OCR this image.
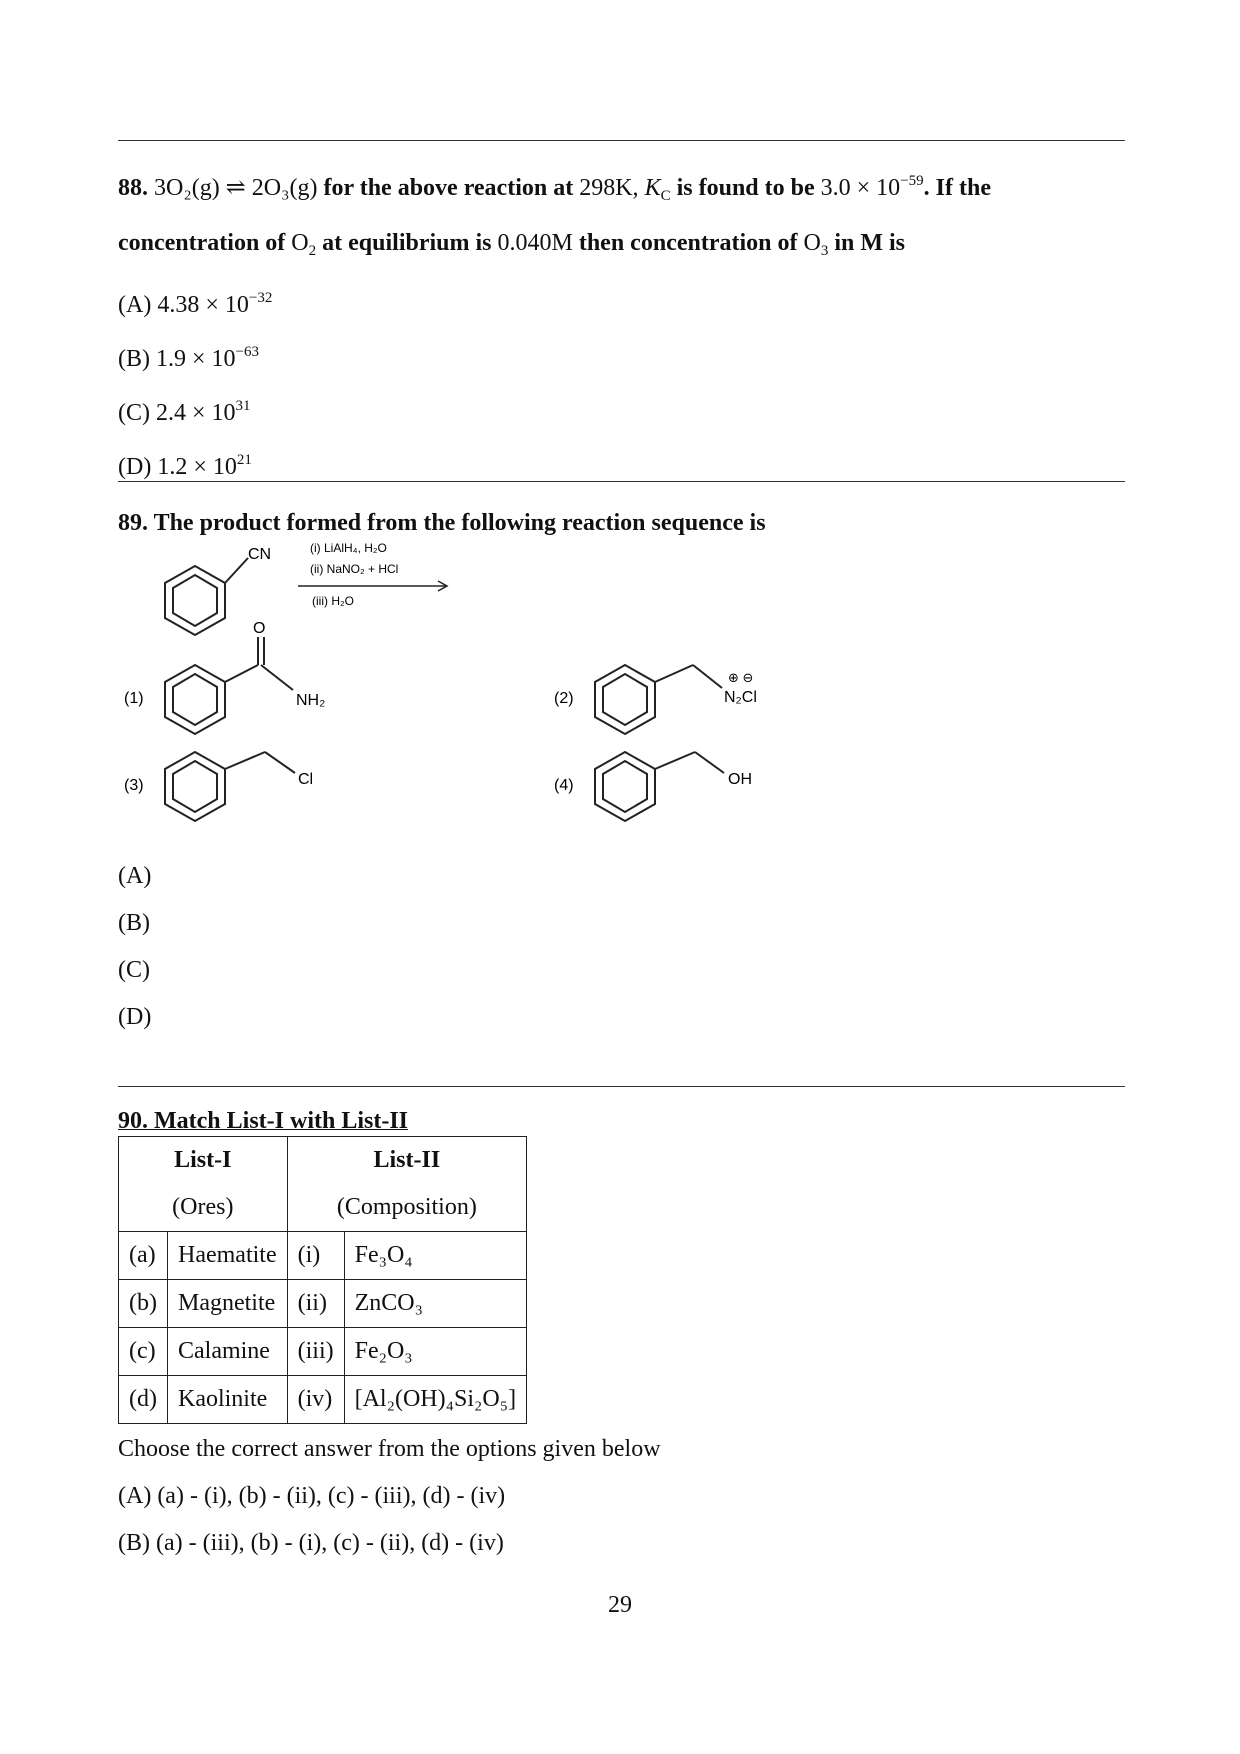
88. 3O₂(g) ⇌ 2O₃(g) for the above reaction at 298K, $K_C$ is found to be $3.0 \times 10^{-59}$. If the
concentration of $O_2$ at equilibrium is 0.040M then concentration of $O_3$ in M is
(A) $4.38 \times 10^{-32}$
(B) $1.9 \times 10^{-63}$
(C) $2.4 \times 10^{31}$
(D) $1.2 \times 10^{21}$
89. The product formed from the following reaction sequence is
CN	(i) LiAlH₄, H₂O
(ii) NaNO₂ + HCl
(iii) H₂O
(1)
O
NH₂	(2)
⊕ ⊖
N₂Cl
(3)	Cl	(4)	OH
(A)
(B)
(C)
(D)
90. Match List-I with List-II
List-I		List-II	
(Ores)		(Composition)	
(a)	Haematite	(i)	Fe₃O₄
(b)	Magnetite	(ii)	ZnCO₃
(c)	Calamine	(iii)	Fe₂O₃
(d)	Kaolinite	(iv)	[Al₂(OH)₄Si₂O₅]
Choose the correct answer from the options given below
(A) (a) - (i), (b) - (ii), (c) - (iii), (d) - (iv)
(B) (a) - (iii), (b) - (i), (c) - (ii), (d) - (iv)
29
